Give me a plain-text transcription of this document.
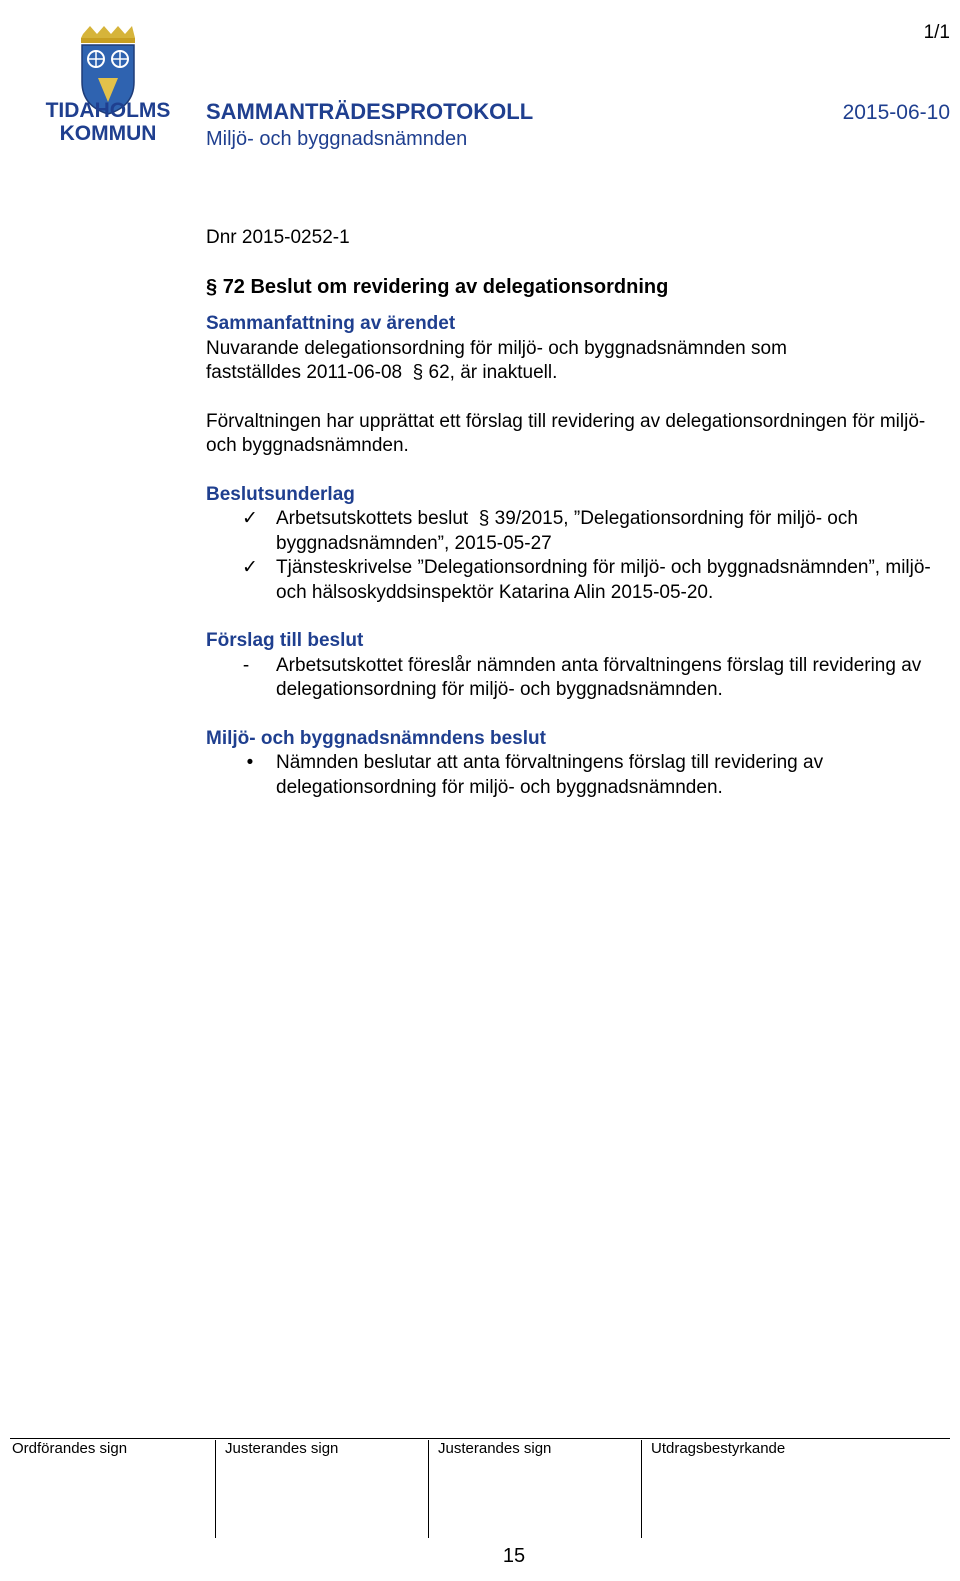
TIDAHOLMS
KOMMUN
1/1
SAMMANTRÄDESPROTOKOLL	2015-06-10
Miljö- och byggnadsnämnden

Dnr 2015-0252-1

§ 72 Beslut om revidering av delegationsordning

Sammanfattning av ärendet

Nuvarande delegationsordning för miljö- och byggnadsnämnden som
fastställdes 2011-06-08  § 62, är inaktuell.

Förvaltningen har upprättat ett förslag till revidering av delegationsordningen för miljö- och byggnadsnämnden.

Beslutsunderlag

✓ Arbetsutskottets beslut  § 39/2015, ”Delegationsordning för miljö- och byggnadsnämnden”, 2015-05-27
✓ Tjänsteskrivelse ”Delegationsordning för miljö- och byggnadsnämnden”, miljö- och hälsoskyddsinspektör Katarina Alin 2015-05-20.

Förslag till beslut

-	Arbetsutskottet föreslår nämnden anta förvaltningens förslag till revidering av delegationsordning för miljö- och byggnadsnämnden.

Miljö- och byggnadsnämndens beslut

•	Nämnden beslutar att anta förvaltningens förslag till revidering av delegationsordning för miljö- och byggnadsnämnden.
Ordförandes sign	Justerandes sign	Justerandes sign	Utdragsbestyrkande
15
